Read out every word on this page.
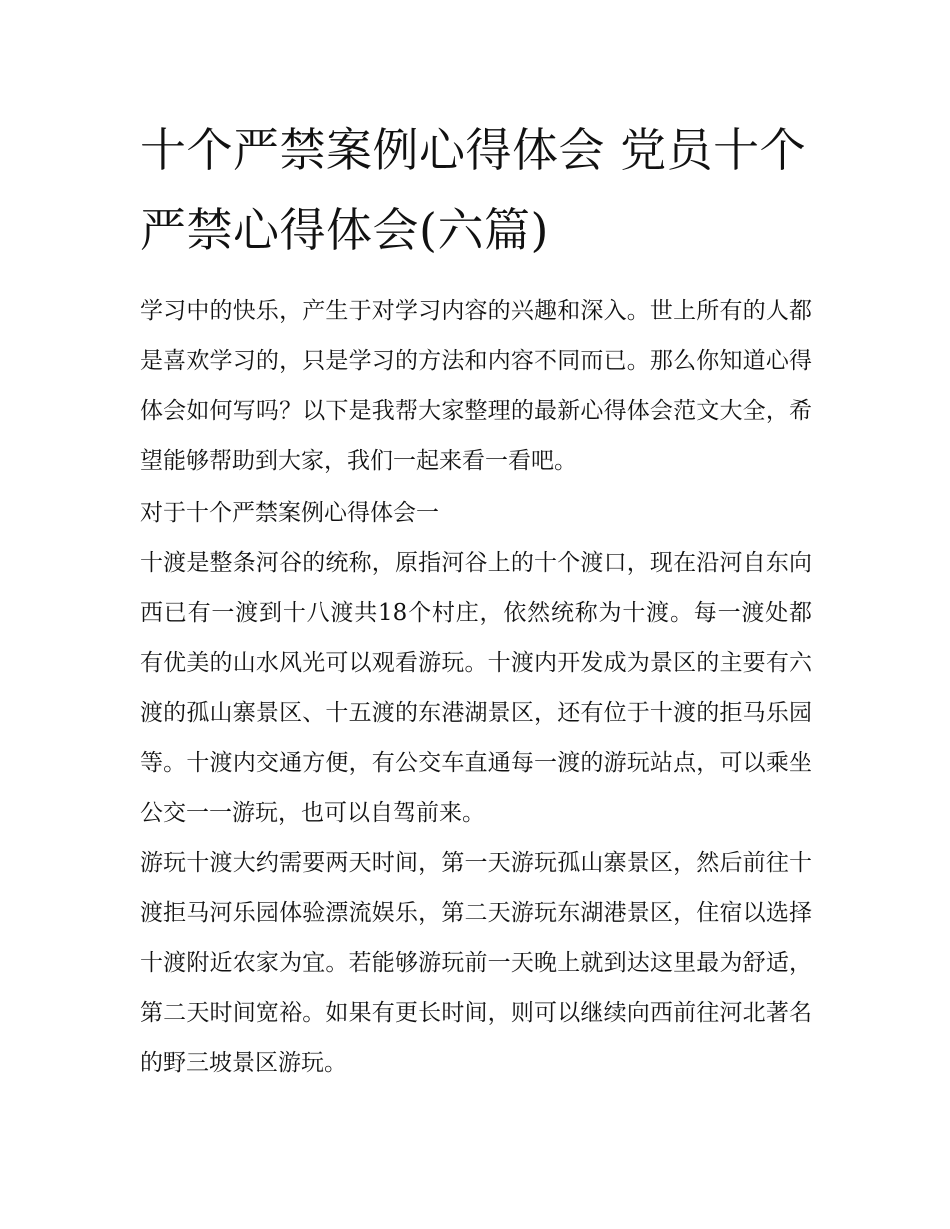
十个严禁案例心得体会 党员十个严禁心得体会(六篇)

学习中的快乐，产生于对学习内容的兴趣和深入。世上所有的人都是喜欢学习的，只是学习的方法和内容不同而已。那么你知道心得体会如何写吗？以下是我帮大家整理的最新心得体会范文大全，希望能够帮助到大家，我们一起来看一看吧。

对于十个严禁案例心得体会一

十渡是整条河谷的统称，原指河谷上的十个渡口，现在沿河自东向西已有一渡到十八渡共18个村庄，依然统称为十渡。每一渡处都有优美的山水风光可以观看游玩。十渡内开发成为景区的主要有六渡的孤山寨景区、十五渡的东港湖景区，还有位于十渡的拒马乐园等。十渡内交通方便，有公交车直通每一渡的游玩站点，可以乘坐公交一一游玩，也可以自驾前来。

游玩十渡大约需要两天时间，第一天游玩孤山寨景区，然后前往十渡拒马河乐园体验漂流娱乐，第二天游玩东湖港景区，住宿以选择十渡附近农家为宜。若能够游玩前一天晚上就到达这里最为舒适，第二天时间宽裕。如果有更长时间，则可以继续向西前往河北著名的野三坡景区游玩。
